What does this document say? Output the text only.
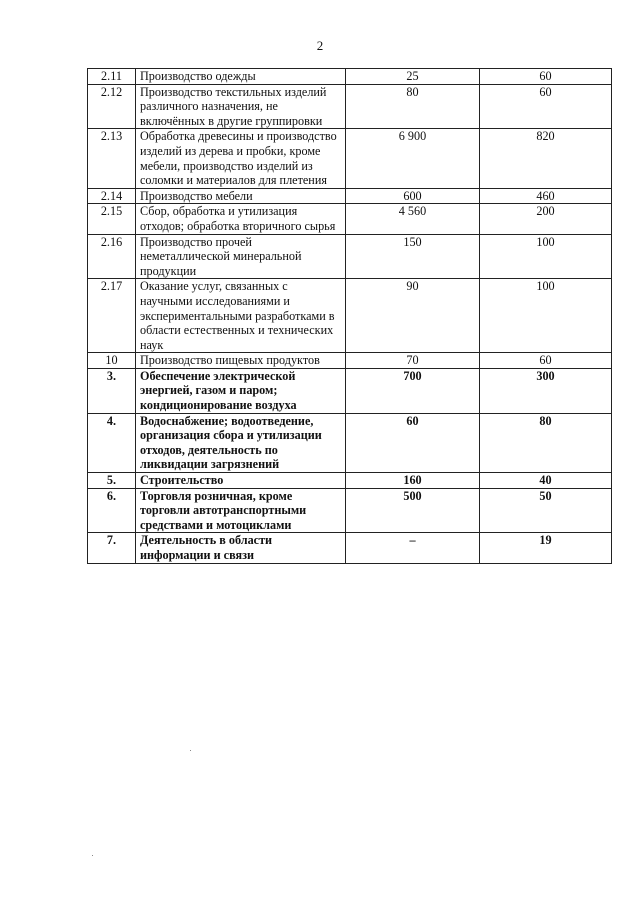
2
2.11	Производство одежды	25	60
2.12	Производство текстильных изделий различного назначения, не включённых в другие группировки	80	60
2.13	Обработка древесины и производство изделий из дерева и пробки, кроме мебели, производство изделий из соломки и материалов для плетения	6 900	820
2.14	Производство мебели	600	460
2.15	Сбор, обработка и утилизация отходов; обработка вторичного сырья	4 560	200
2.16	Производство прочей неметаллической минеральной продукции	150	100
2.17	Оказание услуг, связанных с научными исследованиями и экспериментальными разработками в области естественных и технических наук	90	100
10	Производство пищевых продуктов	70	60
3.	Обеспечение электрической энергией, газом и паром; кондиционирование воздуха	700	300
4.	Водоснабжение; водоотведение, организация сбора и утилизации отходов, деятельность по ликвидации загрязнений	60	80
5.	Строительство	160	40
6.	Торговля розничная, кроме торговли автотранспортными средствами и мотоциклами	500	50
7.	Деятельность в области информации и связи	–	19
